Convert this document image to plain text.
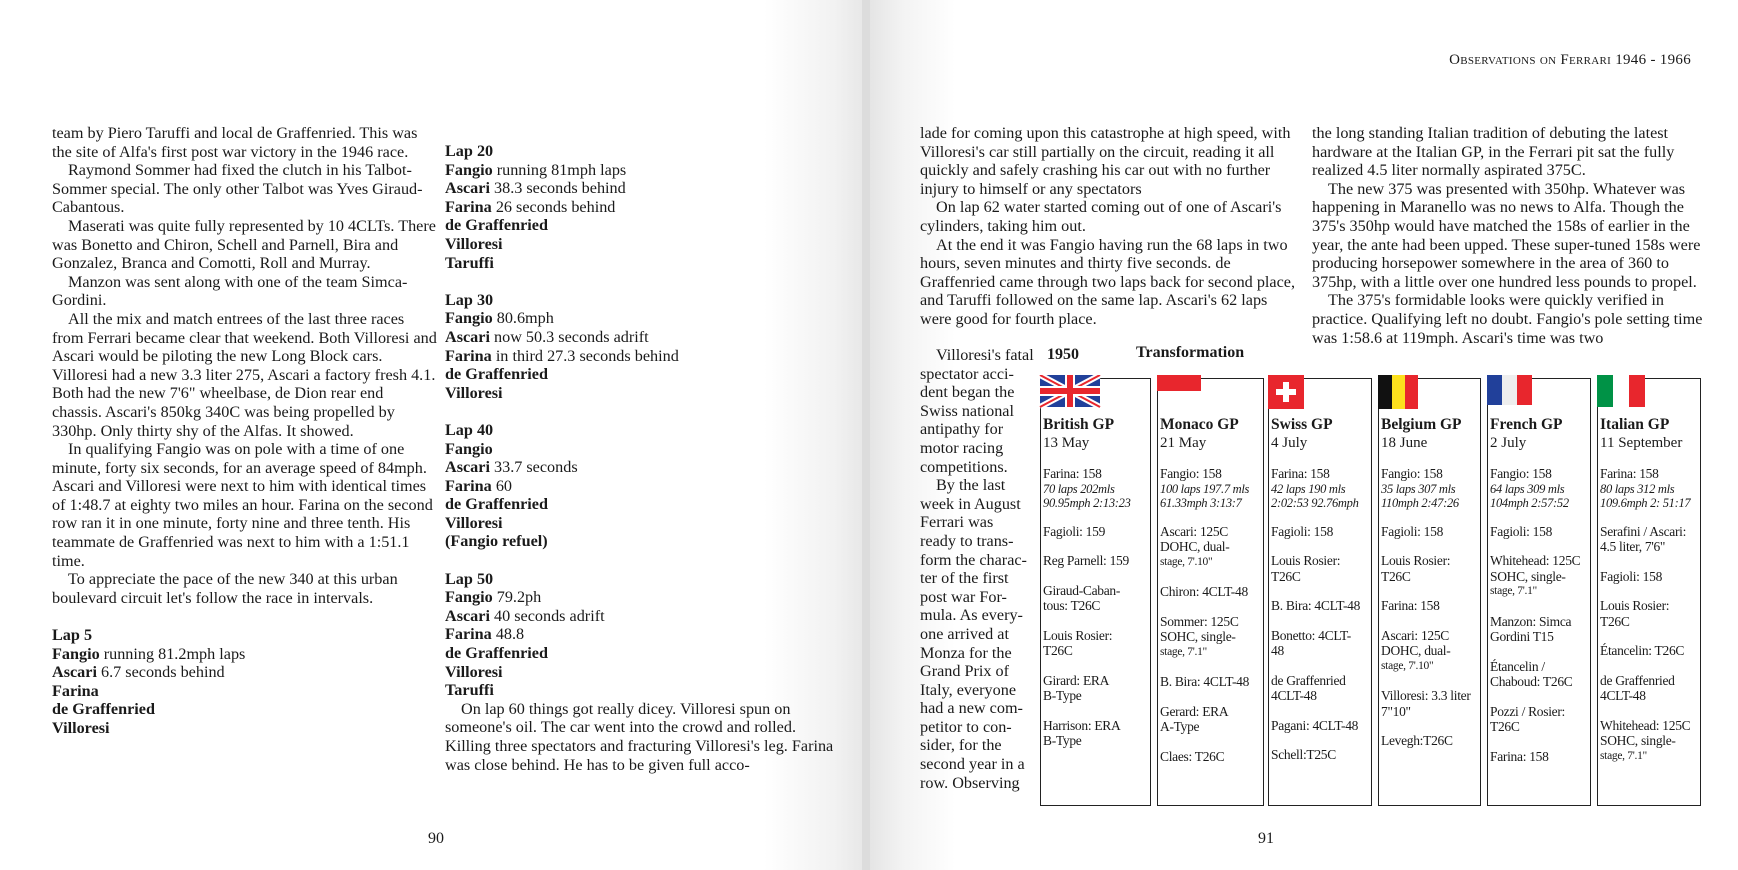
Observations on Ferrari 1946 - 1966

team by Piero Taruffi and local de Graffenried. This was the site of Alfa's first post war victory in the 1946 race.

Raymond Sommer had fixed the clutch in his Talbot-Sommer special. The only other Talbot was Yves Giraud-Cabantous.

Maserati was quite fully represented by 10 4CLTs. There was Bonetto and Chiron, Schell and Parnell, Bira and Gonzalez, Branca and Comotti, Roll and Murray.

Manzon was sent along with one of the team Simca-Gordini.

All the mix and match entrees of the last three races from Ferrari became clear that weekend. Both Villoresi and Ascari would be piloting the new Long Block cars. Villoresi had a new 3.3 liter 275, Ascari a factory fresh 4.1. Both had the new 7'6" wheelbase, de Dion rear end chassis. Ascari's 850kg 340C was being propelled by 330hp. Only thirty shy of the Alfas. It showed.

In qualifying Fangio was on pole with a time of one minute, forty six seconds, for an average speed of 84mph. Ascari and Villoresi were next to him with identical times of 1:48.7 at eighty two miles an hour. Farina on the second row ran it in one minute, forty nine and three tenth. His teammate de Graffenried was next to him with a 1:51.1 time.

To appreciate the pace of the new 340 at this urban boulevard circuit let's follow the race in intervals.

Lap 5

Fangio running 81.2mph laps

Ascari 6.7 seconds behind

Farina

de Graffenried

Villoresi

Lap 20

Fangio running 81mph laps

Ascari 38.3 seconds behind

Farina 26 seconds behind

de Graffenried

Villoresi

Taruffi

Lap 30

Fangio 80.6mph

Ascari now 50.3 seconds adrift

Farina in third 27.3 seconds behind

de Graffenried

Villoresi

Lap 40

Fangio

Ascari 33.7 seconds

Farina 60

de Graffenried

Villoresi

(Fangio refuel)

Lap 50

Fangio 79.2ph

Ascari 40 seconds adrift

Farina 48.8

de Graffenried

Villoresi

Taruffi

On lap 60 things got really dicey. Villoresi spun on someone's oil. The car went into the crowd and rolled. Killing three spectators and fracturing Villoresi's leg. Farina was close behind. He has to be given full acco-

lade for coming upon this catastrophe at high speed, with Villoresi's car still partially on the circuit, reading it all quickly and safely crashing his car out with no further injury to himself or any spectators

On lap 62 water started coming out of one of Ascari's cylinders, taking him out.

At the end it was Fangio having run the 68 laps in two hours, seven minutes and thirty five seconds. de Graffenried came through two laps back for second place, and Taruffi followed on the same lap. Ascari's 62 laps were good for fourth place.

Villoresi's fatal

spectator acci-

dent began the

Swiss national

antipathy for

motor racing

competitions.

By the last

week in August

Ferrari was

ready to trans-

form the charac-

ter of the first

post war For-

mula. As every-

one arrived at

Monza for the

Grand Prix of

Italy, everyone

had a new com-

petitor to con-

sider, for the

second year in a

row. Observing

the long standing Italian tradition of debuting the latest hardware at the Italian GP, in the Ferrari pit sat the fully realized 4.5 liter normally aspirated 375C.

The new 375 was presented with 350hp. Whatever was happening in Maranello was no news to Alfa. Though the 375's 350hp would have matched the 158s of earlier in the year, the ante had been upped. These super-tuned 158s were producing horsepower somewhere in the area of 360 to 375hp, with a little over one hundred less pounds to propel.

The 375's formidable looks were quickly verified in practice. Qualifying left no doubt. Fangio's pole setting time was 1:58.6 at 119mph. Ascari's time was two

1950	Transformation
British GP
13 May
Farina: 158
70 laps 202mls
90.95mph 2:13:23
Fagioli: 159
Reg Parnell: 159
Giraud-Caban-
tous: T26C
Louis Rosier:
T26C
Girard: ERA
B-Type
Harrison: ERA
B-Type
Monaco GP
21 May
Fangio: 158
100 laps 197.7 mls
61.33mph 3:13:7
Ascari: 125C
DOHC, dual-
stage, 7'.10"
Chiron: 4CLT-48
Sommer: 125C
SOHC, single-
stage, 7'.1"
B. Bira: 4CLT-48
Gerard: ERA
A-Type
Claes: T26C
Swiss GP
4 July
Farina: 158
42 laps 190 mls
2:02:53 92.76mph
Fagioli: 158
Louis Rosier:
T26C
B. Bira: 4CLT-48
Bonetto: 4CLT-
48
de Graffenried
4CLT-48
Pagani: 4CLT-48
Schell:T25C
Belgium GP
18 June
Fangio: 158
35 laps 307 mls
110mph 2:47:26
Fagioli: 158
Louis Rosier:
T26C
Farina: 158
Ascari: 125C
DOHC, dual-
stage, 7'.10"
Villoresi: 3.3 liter
7"10"
Levegh:T26C
French GP
2 July
Fangio: 158
64 laps 309 mls
104mph 2:57:52
Fagioli: 158
Whitehead: 125C
SOHC, single-
stage, 7'.1"
Manzon: Simca
Gordini T15
Étancelin /
Chaboud: T26C
Pozzi / Rosier:
T26C
Farina: 158
Italian GP
11 September
Farina: 158
80 laps 312 mls
109.6mph 2: 51:17
Serafini / Ascari:
4.5 liter, 7'6"
Fagioli: 158
Louis Rosier:
T26C
Étancelin: T26C
de Graffenried
4CLT-48
Whitehead: 125C
SOHC, single-
stage, 7'.1"
90	91
